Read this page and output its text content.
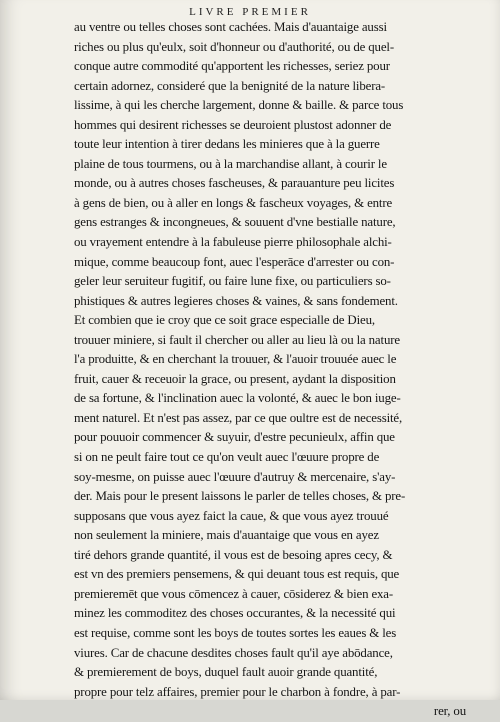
LIVRE PREMIER
au ventre ou telles choses sont cachées. Mais d'auantaige aussi
riches ou plus qu'eulx, soit d'honneur ou d'authorité, ou de quel-
conque autre commodité qu'apportent les richesses, seriez pour
certain adornez, consideré que la benignité de la nature libera-
lissime, à qui les cherche largement, donne & baille. & parce tous
hommes qui desirent richesses se deuroient plustost adonner de
toute leur intention à tirer dedans les minieres que à la guerre
plaine de tous tourmens, ou à la marchandise allant, à courir le
monde, ou à autres choses fascheuses, & parauanture peu licites
à gens de bien, ou à aller en longs & fascheux voyages, & entre
gens estranges & incongneues, & souuent d'vne bestialle nature,
ou vrayement entendre à la fabuleuse pierre philosophale alchi-
mique, comme beaucoup font, auec l'esperāce d'arrester ou con-
geler leur seruiteur fugitif, ou faire lune fixe, ou particuliers so-
phistiques & autres legieres choses & vaines, & sans fondement.
Et combien que ie croy que ce soit grace especialle de Dieu,
trouuer miniere, si fault il chercher ou aller au lieu là ou la nature
l'a produitte, & en cherchant la trouuer, & l'auoir trouuée auec le
fruit, cauer & receuoir la grace, ou present, aydant la disposition
de sa fortune, & l'inclination auec la volonté, & auec le bon iuge-
ment naturel. Et n'est pas assez, par ce que oultre est de necessité,
pour pouuoir commencer & suyuir, d'estre pecunieulx, affin que
si on ne peult faire tout ce qu'on veult auec l'œuure propre de
soy-mesme, on puisse auec l'œuure d'autruy & mercenaire, s'ay-
der. Mais pour le present laissons le parler de telles choses, & pre-
supposans que vous ayez faict la caue, & que vous ayez trouué
non seulement la miniere, mais d'auantaige que vous en ayez
tiré dehors grande quantité, il vous est de besoing apres cecy, &
est vn des premiers pensemens, & qui deuant tous est requis, que
premieremēt que vous cōmencez à cauer, cōsiderez & bien exa-
minez les commoditez des choses occurantes, & la necessité qui
est requise, comme sont les boys de toutes sortes les eaues & les
viures. Car de chacune desdites choses fault qu'il aye abōdance,
& premierement de boys, duquel fault auoir grande quantité,
propre pour telz affaires, premier pour le charbon à fondre, à par-
rer, ou
